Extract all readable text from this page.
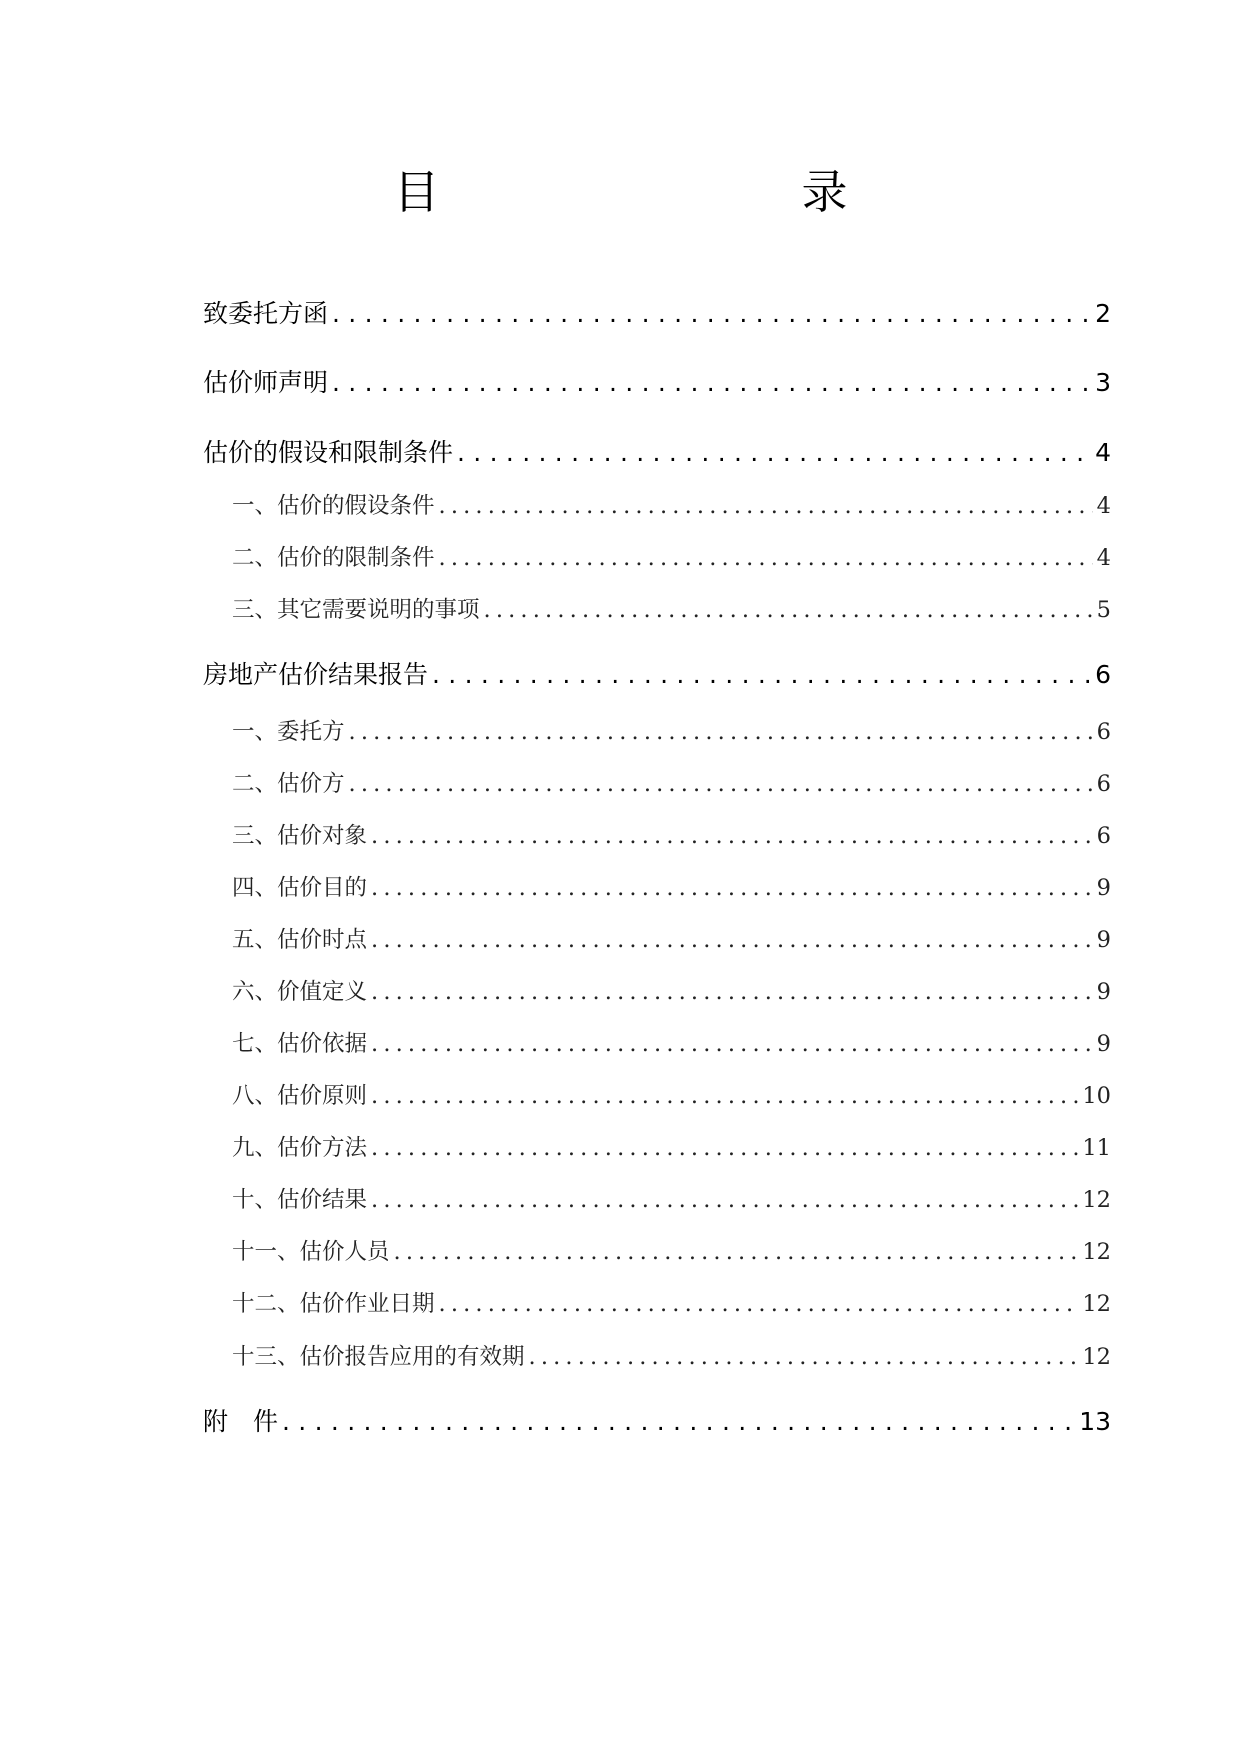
目　　录
致委托方函 . . .	2
估价师声明 . . .	3
估价的假设和限制条件 . . .	4
一、估价的假设条件 . . .	4
二、估价的限制条件 . . .	4
三、其它需要说明的事项 . . .	5
房地产估价结果报告 . . .	6
一、委托方 . . .	6
二、估价方 . . .	6
三、估价对象 . . .	6
四、估价目的 . . .	9
五、估价时点 . . .	9
六、价值定义 . . .	9
七、估价依据 . . .	9
八、估价原则 . . .	10
九、估价方法 . . .	11
十、估价结果 . . .	12
十一、估价人员 . . .	12
十二、估价作业日期 . . .	12
十三、估价报告应用的有效期 . . .	12
附　件 . . .	13
